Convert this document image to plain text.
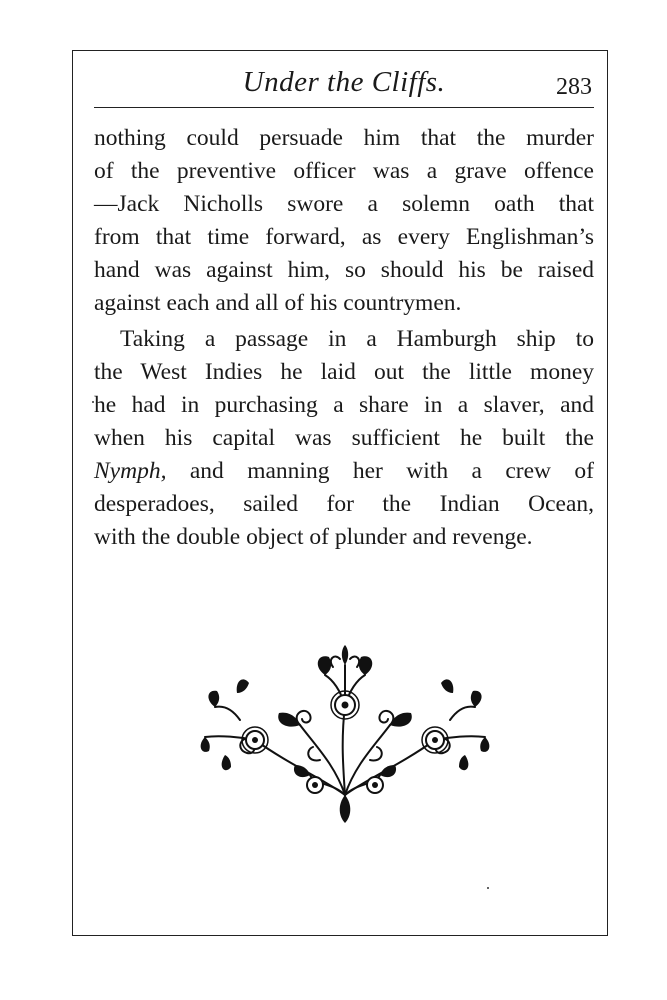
Under the Cliffs.	283
nothing could persuade him that the murder
of the preventive officer was a grave offence
—Jack Nicholls swore a solemn oath that
from that time forward, as every Englishman’s
hand was against him, so should his be raised
against each and all of his countrymen.
Taking a passage in a Hamburgh ship to
the West Indies he laid out the little money
he had in purchasing a share in a slaver, and
when his capital was sufficient he built the
Nymph, and manning her with a crew of
desperadoes, sailed for the Indian Ocean,
with the double object of plunder and revenge.
